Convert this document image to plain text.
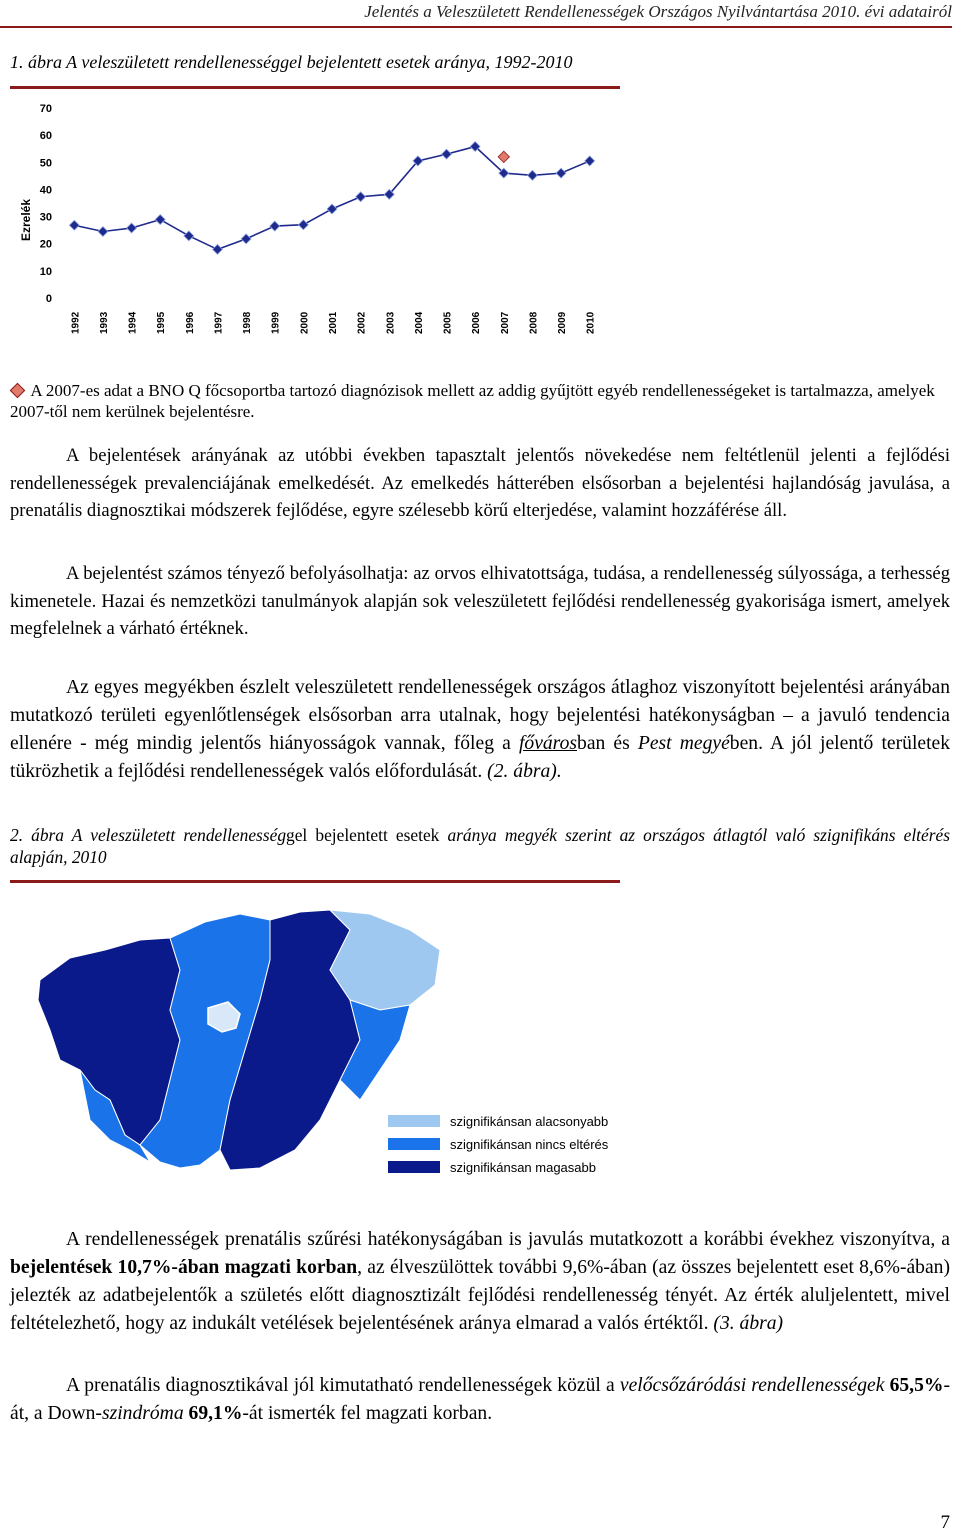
Jelentés a Veleszületett Rendellenességek Országos Nyilvántartása 2010. évi adatairól
1. ábra A veleszületett rendellenességgel bejelentett esetek aránya, 1992-2010
Ezrelék
0
10
20
30
40
50
60
70
1992 1993 1994 1995 1996 1997 1998 1999 2000 2001 2002 2003 2004 2005 2006 2007 2008 2009 2010
A 2007-es adat a BNO Q főcsoportba tartozó diagnózisok mellett az addig gyűjtött egyéb rendellenességeket is tartalmazza, amelyek 2007-től nem kerülnek bejelentésre.
A bejelentések arányának az utóbbi években tapasztalt jelentős növekedése nem feltétlenül jelenti a fejlődési rendellenességek prevalenciájának emelkedését. Az emelkedés hátterében elsősorban a bejelentési hajlandóság javulása, a prenatális diagnosztikai módszerek fejlődése, egyre szélesebb körű elterjedése, valamint hozzáférése áll.
A bejelentést számos tényező befolyásolhatja: az orvos elhivatottsága, tudása, a rendellenesség súlyossága, a terhesség kimenetele. Hazai és nemzetközi tanulmányok alapján sok veleszületett fejlődési rendellenesség gyakorisága ismert, amelyek megfelelnek a várható értéknek.
Az egyes megyékben észlelt veleszületett rendellenességek országos átlaghoz viszonyított bejelentési arányában mutatkozó területi egyenlőtlenségek elsősorban arra utalnak, hogy bejelentési hatékonyságban – a javuló tendencia ellenére - még mindig jelentős hiányosságok vannak, főleg a fővárosban és Pest megyében. A jól jelentő területek tükrözhetik a fejlődési rendellenességek valós előfordulását. (2. ábra).
2. ábra A veleszületett rendellenességgel bejelentett esetek aránya megyék szerint az országos átlagtól való szignifikáns eltérés alapján, 2010
szignifikánsan alacsonyabb
szignifikánsan nincs eltérés
szignifikánsan magasabb
A rendellenességek prenatális szűrési hatékonyságában is javulás mutatkozott a korábbi évekhez viszonyítva, a bejelentések 10,7%-ában magzati korban, az élveszülöttek további 9,6%-ában (az összes bejelentett eset 8,6%-ában) jelezték az adatbejelentők a születés előtt diagnosztizált fejlődési rendellenesség tényét. Az érték aluljelentett, mivel feltételezhető, hogy az indukált vetélések bejelentésének aránya elmarad a valós értéktől. (3. ábra)
A prenatális diagnosztikával jól kimutatható rendellenességek közül a velőcsőzáródási rendellenességek 65,5%-át, a Down-szindróma 69,1%-át ismerték fel magzati korban.
7
